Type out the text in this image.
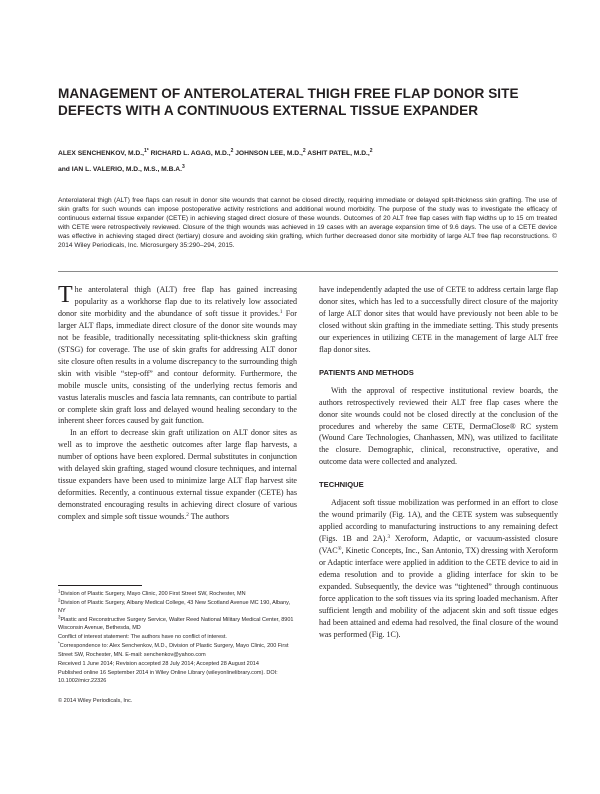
MANAGEMENT OF ANTEROLATERAL THIGH FREE FLAP DONOR SITE DEFECTS WITH A CONTINUOUS EXTERNAL TISSUE EXPANDER
ALEX SENCHENKOV, M.D.,$^{1*}$ RICHARD L. AGAG, M.D.,$^2$ JOHNSON LEE, M.D.,$^2$ ASHIT PATEL, M.D.,$^2$
and IAN L. VALERIO, M.D., M.S., M.B.A.$^3$

Anterolateral thigh (ALT) free flaps can result in donor site wounds that cannot be closed directly, requiring immediate or delayed split-thickness skin grafting. The use of skin grafts for such wounds can impose postoperative activity restrictions and additional wound morbidity. The purpose of the study was to investigate the efficacy of continuous external tissue expander (CETE) in achieving staged direct closure of these wounds. Outcomes of 20 ALT free flap cases with flap widths up to 15 cm treated with CETE were retrospectively reviewed. Closure of the thigh wounds was achieved in 19 cases with an average expansion time of 9.6 days. The use of a CETE device was effective in achieving staged direct (tertiary) closure and avoiding skin grafting, which further decreased donor site morbidity of large ALT free flap reconstructions. © 2014 Wiley Periodicals, Inc. Microsurgery 35:290–294, 2015.

The anterolateral thigh (ALT) free flap has gained increasing popularity as a workhorse flap due to its relatively low associated donor site morbidity and the abundance of soft tissue it provides.$^1$ For larger ALT flaps, immediate direct closure of the donor site wounds may not be feasible, traditionally necessitating split-thickness skin grafting (STSG) for coverage. The use of skin grafts for addressing ALT donor site closure often results in a volume discrepancy to the surrounding thigh skin with visible “step-off” and contour deformity. Furthermore, the mobile muscle units, consisting of the underlying rectus femoris and vastus lateralis muscles and fascia lata remnants, can contribute to partial or complete skin graft loss and delayed wound healing secondary to the inherent sheer forces caused by gait function.

In an effort to decrease skin graft utilization on ALT donor sites as well as to improve the aesthetic outcomes after large flap harvests, a number of options have been explored. Dermal substitutes in conjunction with delayed skin grafting, staged wound closure techniques, and internal tissue expanders have been used to minimize large ALT flap harvest site deformities. Recently, a continuous external tissue expander (CETE) has demonstrated encouraging results in achieving direct closure of various complex and simple soft tissue wounds.$^2$ The authors

have independently adapted the use of CETE to address certain large flap donor sites, which has led to a successfully direct closure of the majority of large ALT donor sites that would have previously not been able to be closed without skin grafting in the immediate setting. This study presents our experiences in utilizing CETE in the management of large ALT free flap donor sites.

PATIENTS AND METHODS

With the approval of respective institutional review boards, the authors retrospectively reviewed their ALT free flap cases where the donor site wounds could not be closed directly at the conclusion of the procedures and whereby the same CETE, DermaClose® RC system (Wound Care Technologies, Chanhassen, MN), was utilized to facilitate the closure. Demographic, clinical, reconstructive, operative, and outcome data were collected and analyzed.

TECHNIQUE

Adjacent soft tissue mobilization was performed in an effort to close the wound primarily (Fig. 1A), and the CETE system was subsequently applied according to manufacturing instructions to any remaining defect (Figs. 1B and 2A).$^3$ Xeroform, Adaptic, or vacuum-assisted closure (VAC®, Kinetic Concepts, Inc., San Antonio, TX) dressing with Xeroform or Adaptic interface were applied in addition to the CETE device to aid in edema resolution and to provide a gliding interface for skin to be expanded. Subsequently, the device was “tightened” through continuous force application to the soft tissues via its spring loaded mechanism. After sufficient length and mobility of the adjacent skin and soft tissue edges had been attained and edema had resolved, the final closure of the wound was performed (Fig. 1C).

$^1$Division of Plastic Surgery, Mayo Clinic, 200 First Street SW, Rochester, MN

$^2$Division of Plastic Surgery, Albany Medical College, 43 New Scotland Avenue MC 190, Albany, NY

$^3$Plastic and Reconstructive Surgery Service, Walter Reed National Military Medical Center, 8901 Wisconsin Avenue, Bethesda, MD

Conflict of interest statement: The authors have no conflict of interest.

*Correspondence to: Alex Senchenkov, M.D., Division of Plastic Surgery, Mayo Clinic, 200 First Street SW, Rochester, MN. E-mail: senchenkov@yahoo.com

Received 1 June 2014; Revision accepted 28 July 2014; Accepted 28 August 2014

Published online 16 September 2014 in Wiley Online Library (wileyonlinelibrary.com). DOI: 10.1002/micr.22326

© 2014 Wiley Periodicals, Inc.
